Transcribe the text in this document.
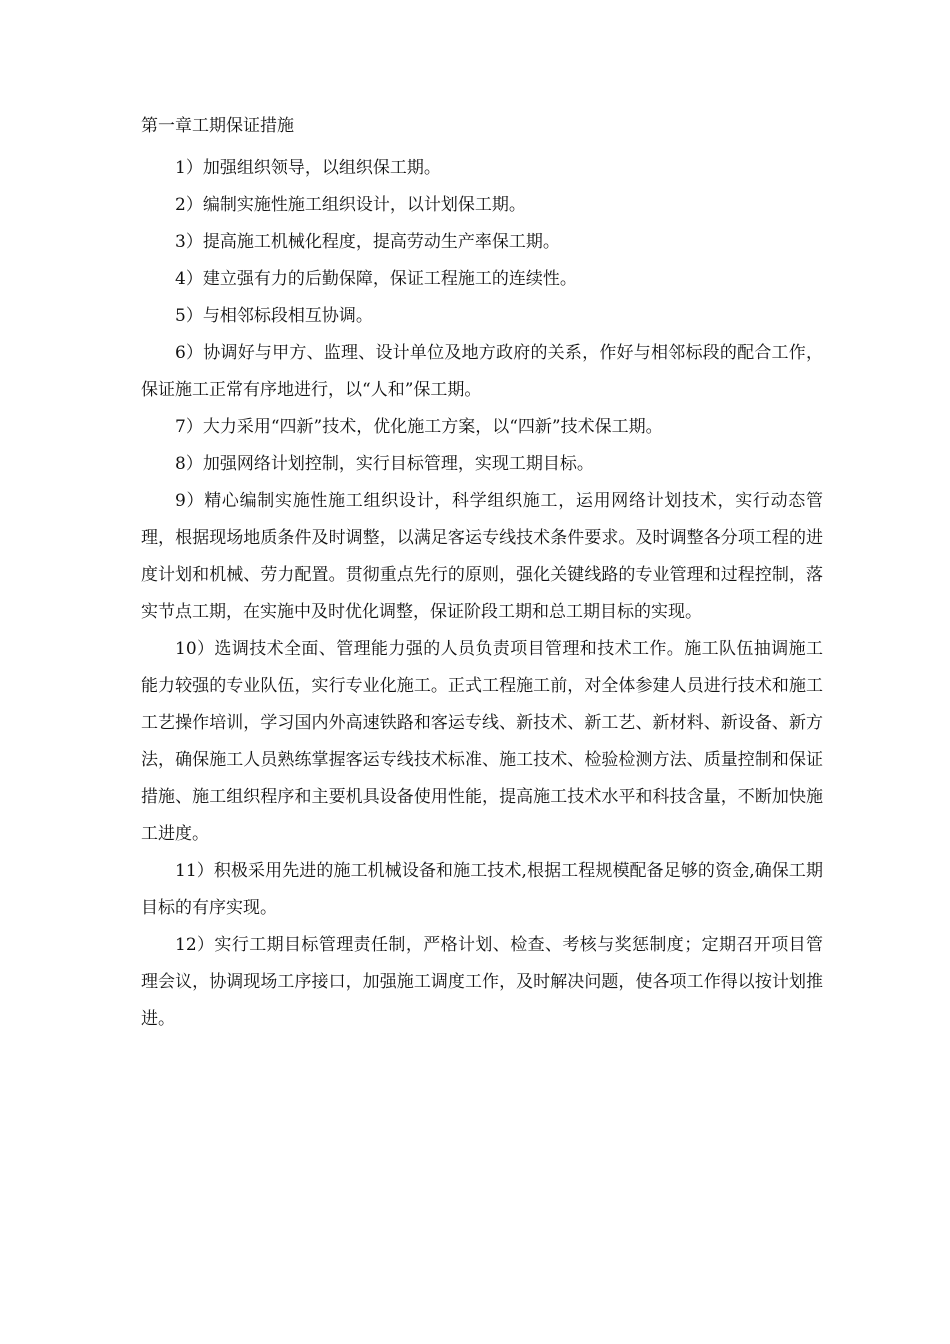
第一章工期保证措施

1）加强组织领导，以组织保工期。

2）编制实施性施工组织设计，以计划保工期。

3）提高施工机械化程度，提高劳动生产率保工期。

4）建立强有力的后勤保障，保证工程施工的连续性。

5）与相邻标段相互协调。

6）协调好与甲方、监理、设计单位及地方政府的关系，作好与相邻标段的配合工作，保证施工正常有序地进行，以“人和”保工期。

7）大力采用“四新”技术，优化施工方案，以“四新”技术保工期。

8）加强网络计划控制，实行目标管理，实现工期目标。

9）精心编制实施性施工组织设计，科学组织施工，运用网络计划技术，实行动态管理，根据现场地质条件及时调整，以满足客运专线技术条件要求。及时调整各分项工程的进度计划和机械、劳力配置。贯彻重点先行的原则，强化关键线路的专业管理和过程控制，落实节点工期，在实施中及时优化调整，保证阶段工期和总工期目标的实现。

10）选调技术全面、管理能力强的人员负责项目管理和技术工作。施工队伍抽调施工能力较强的专业队伍，实行专业化施工。正式工程施工前，对全体参建人员进行技术和施工工艺操作培训，学习国内外高速铁路和客运专线、新技术、新工艺、新材料、新设备、新方法，确保施工人员熟练掌握客运专线技术标准、施工技术、检验检测方法、质量控制和保证措施、施工组织程序和主要机具设备使用性能，提高施工技术水平和科技含量，不断加快施工进度。

11）积极采用先进的施工机械设备和施工技术,根据工程规模配备足够的资金,确保工期目标的有序实现。

12）实行工期目标管理责任制，严格计划、检查、考核与奖惩制度；定期召开项目管理会议，协调现场工序接口，加强施工调度工作，及时解决问题，使各项工作得以按计划推进。
